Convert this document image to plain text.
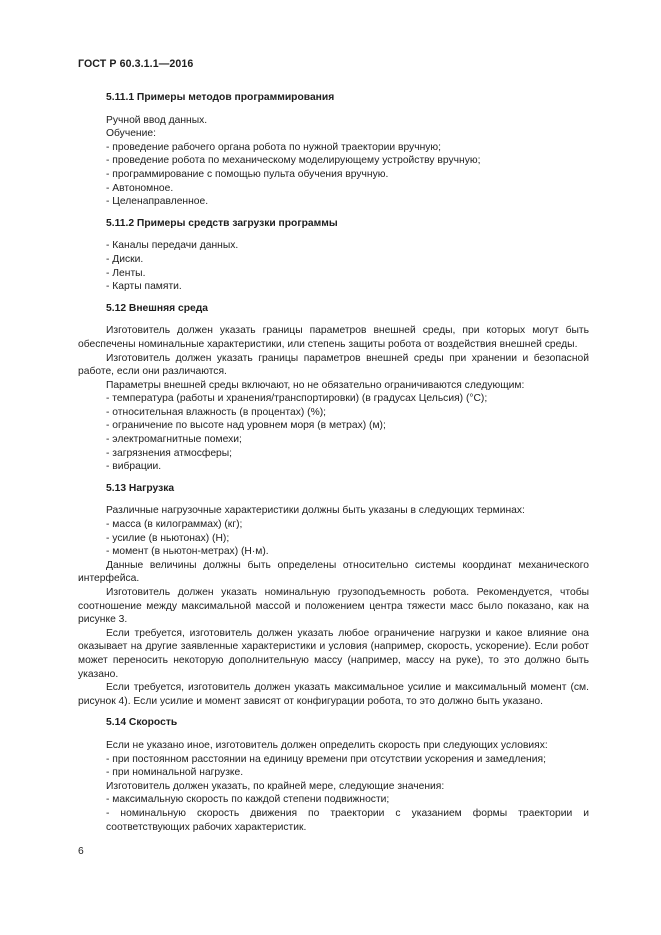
ГОСТ Р 60.3.1.1—2016

5.11.1 Примеры методов программирования

Ручной ввод данных.

Обучение:

- проведение рабочего органа робота по нужной траектории вручную;

- проведение робота по механическому моделирующему устройству вручную;

- программирование с помощью пульта обучения вручную.

- Автономное.

- Целенаправленное.

5.11.2 Примеры средств загрузки программы

- Каналы передачи данных.

- Диски.

- Ленты.

- Карты памяти.

5.12 Внешняя среда

Изготовитель должен указать границы параметров внешней среды, при которых могут быть обеспечены номинальные характеристики, или степень защиты робота от воздействия внешней среды.

Изготовитель должен указать границы параметров внешней среды при хранении и безопасной работе, если они различаются.

Параметры внешней среды включают, но не обязательно ограничиваются следующим:

- температура (работы и хранения/транспортировки) (в градусах Цельсия) (°С);

- относительная влажность (в процентах) (%);

- ограничение по высоте над уровнем моря (в метрах) (м);

- электромагнитные помехи;

- загрязнения атмосферы;

- вибрации.

5.13 Нагрузка

Различные нагрузочные характеристики должны быть указаны в следующих терминах:

- масса (в килограммах) (кг);

- усилие (в ньютонах) (Н);

- момент (в ньютон-метрах) (Н·м).

Данные величины должны быть определены относительно системы координат механического интерфейса.

Изготовитель должен указать номинальную грузоподъемность робота. Рекомендуется, чтобы соотношение между максимальной массой и положением центра тяжести масс было показано, как на рисунке 3.

Если требуется, изготовитель должен указать любое ограничение нагрузки и какое влияние она оказывает на другие заявленные характеристики и условия (например, скорость, ускорение). Если робот может переносить некоторую дополнительную массу (например, массу на руке), то это должно быть указано.

Если требуется, изготовитель должен указать максимальное усилие и максимальный момент (см. рисунок 4). Если усилие и момент зависят от конфигурации робота, то это должно быть указано.

5.14 Скорость

Если не указано иное, изготовитель должен определить скорость при следующих условиях:

- при постоянном расстоянии на единицу времени при отсутствии ускорения и замедления;

- при номинальной нагрузке.

Изготовитель должен указать, по крайней мере, следующие значения:

- максимальную скорость по каждой степени подвижности;

- номинальную скорость движения по траектории с указанием формы траектории и соответствующих рабочих характеристик.

6
